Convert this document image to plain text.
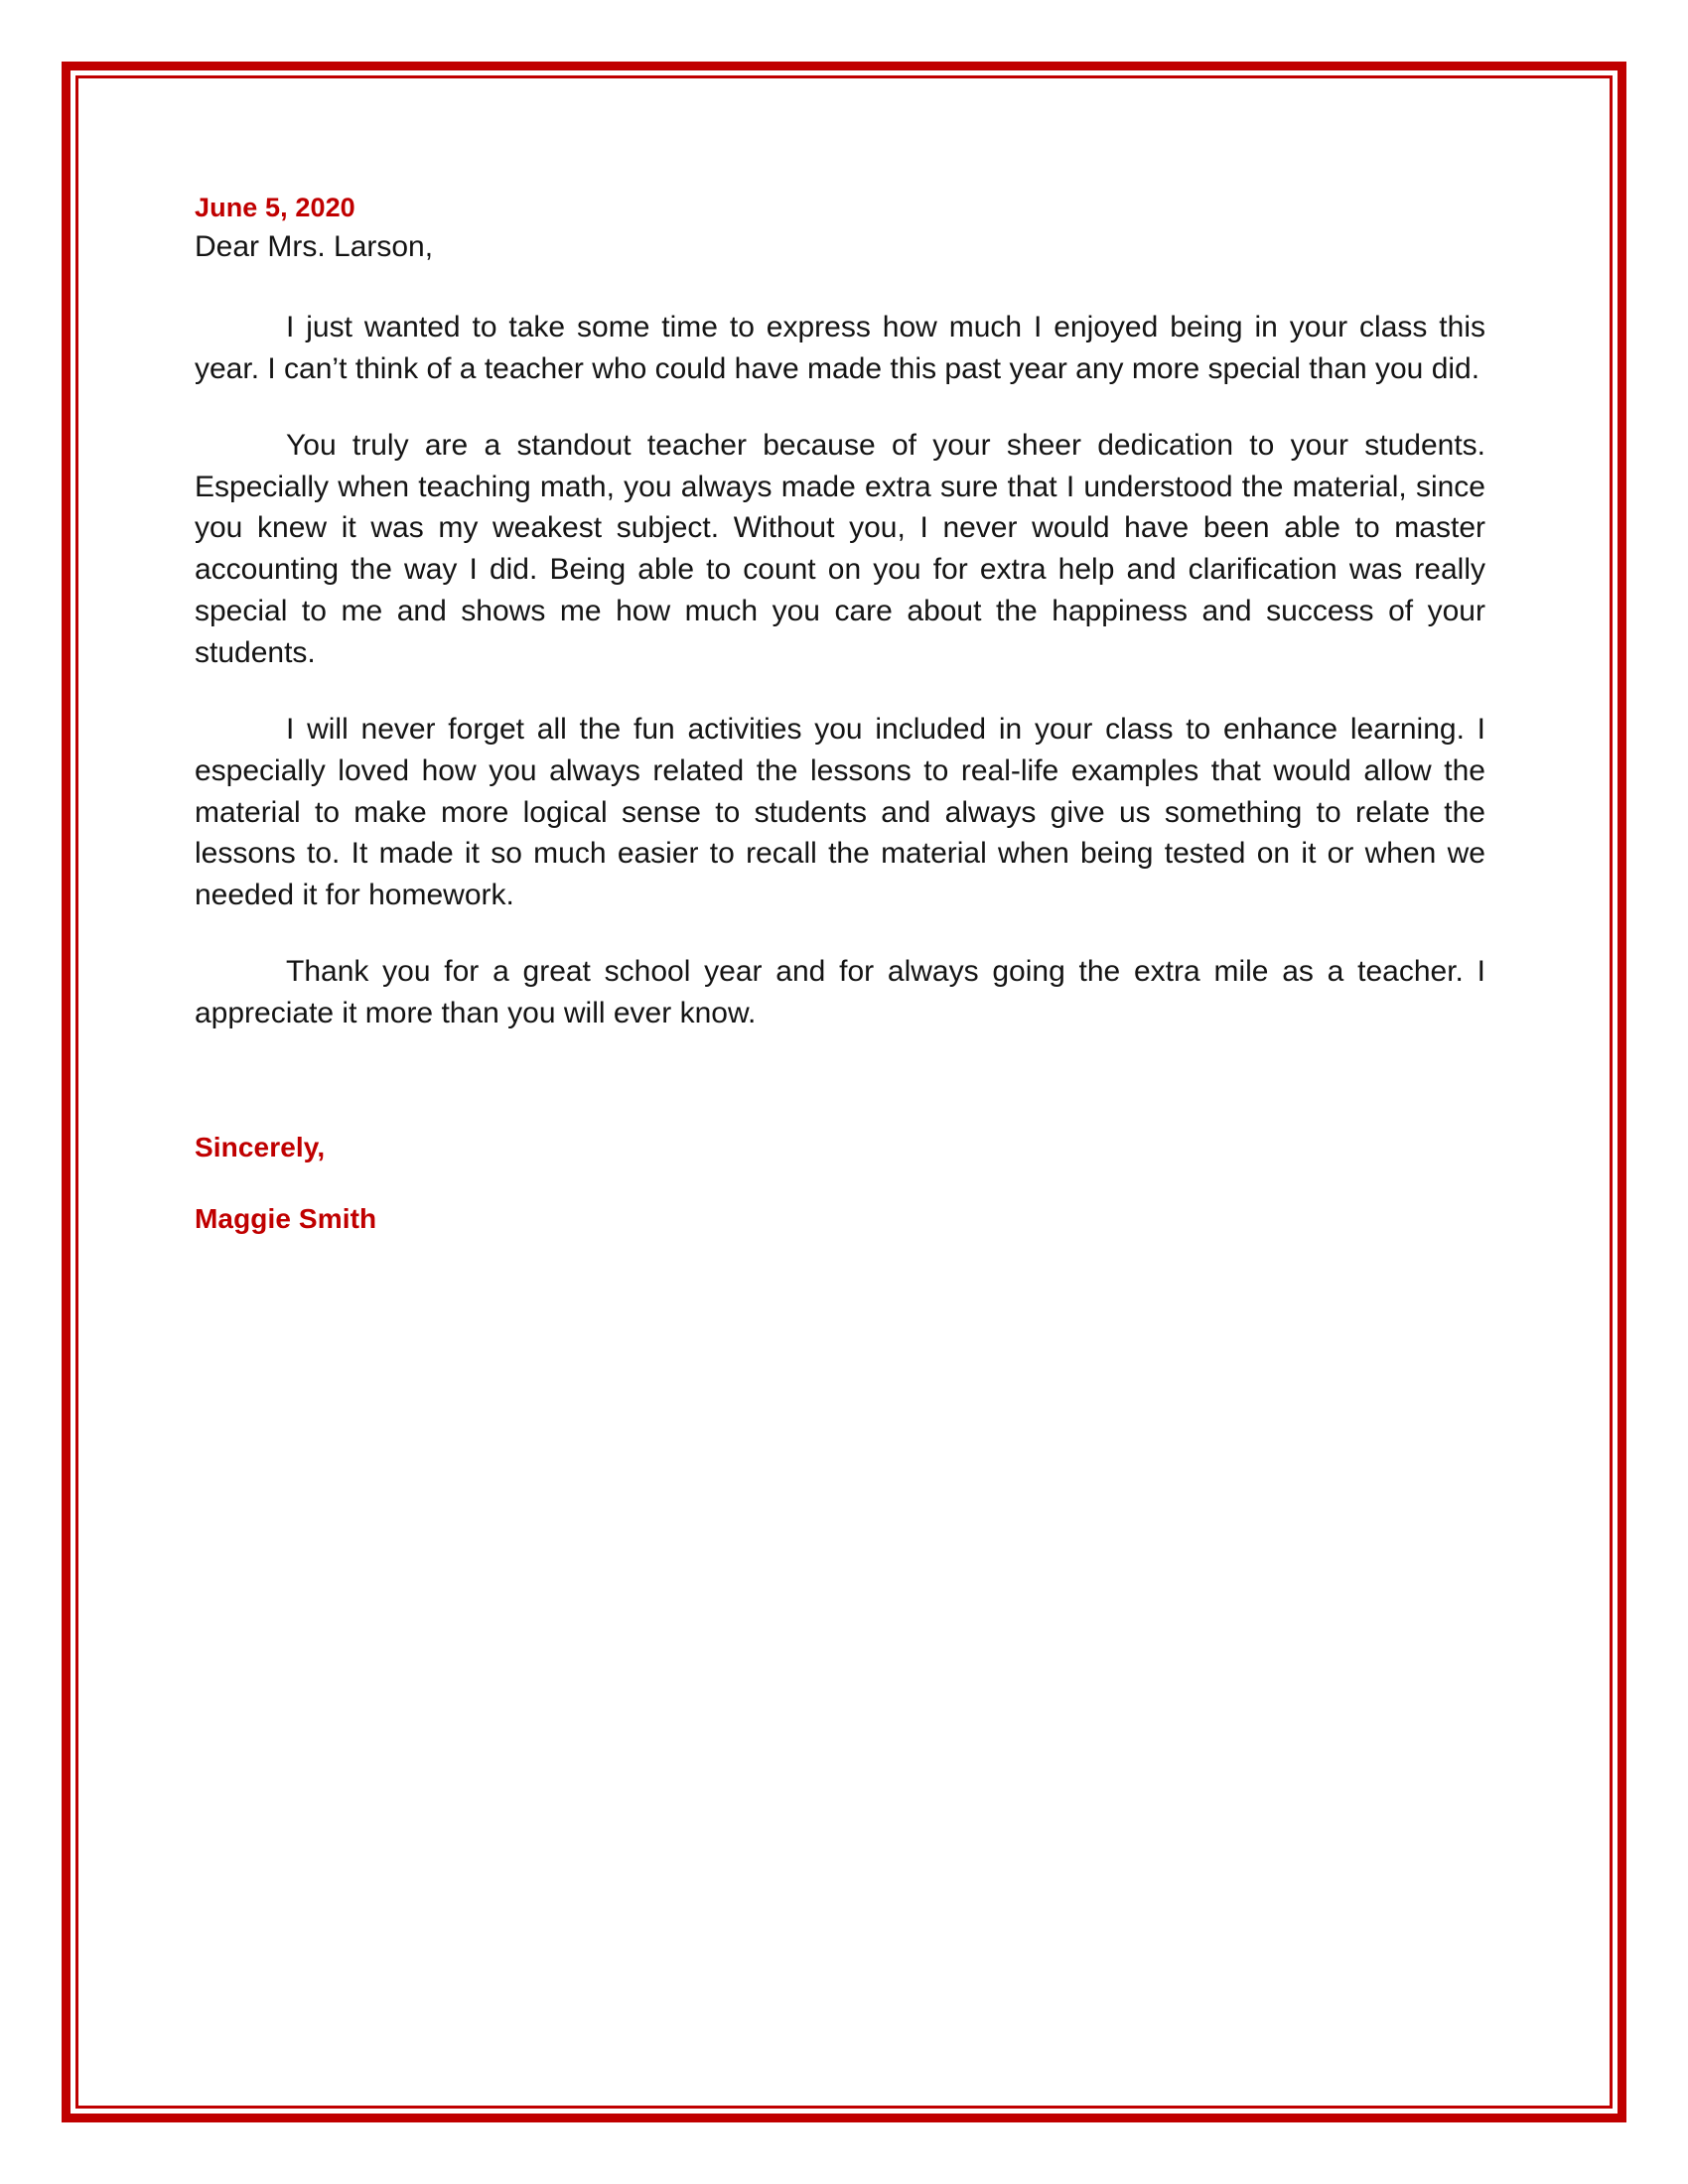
June 5, 2020

Dear Mrs. Larson,

I just wanted to take some time to express how much I enjoyed being in your class this year. I can’t think of a teacher who could have made this past year any more special than you did.

You truly are a standout teacher because of your sheer dedication to your students. Especially when teaching math, you always made extra sure that I understood the material, since you knew it was my weakest subject. Without you, I never would have been able to master accounting the way I did. Being able to count on you for extra help and clarification was really special to me and shows me how much you care about the happiness and success of your students.

I will never forget all the fun activities you included in your class to enhance learning. I especially loved how you always related the lessons to real-life examples that would allow the material to make more logical sense to students and always give us something to relate the lessons to. It made it so much easier to recall the material when being tested on it or when we needed it for homework.

Thank you for a great school year and for always going the extra mile as a teacher. I appreciate it more than you will ever know.

Sincerely,

Maggie Smith
